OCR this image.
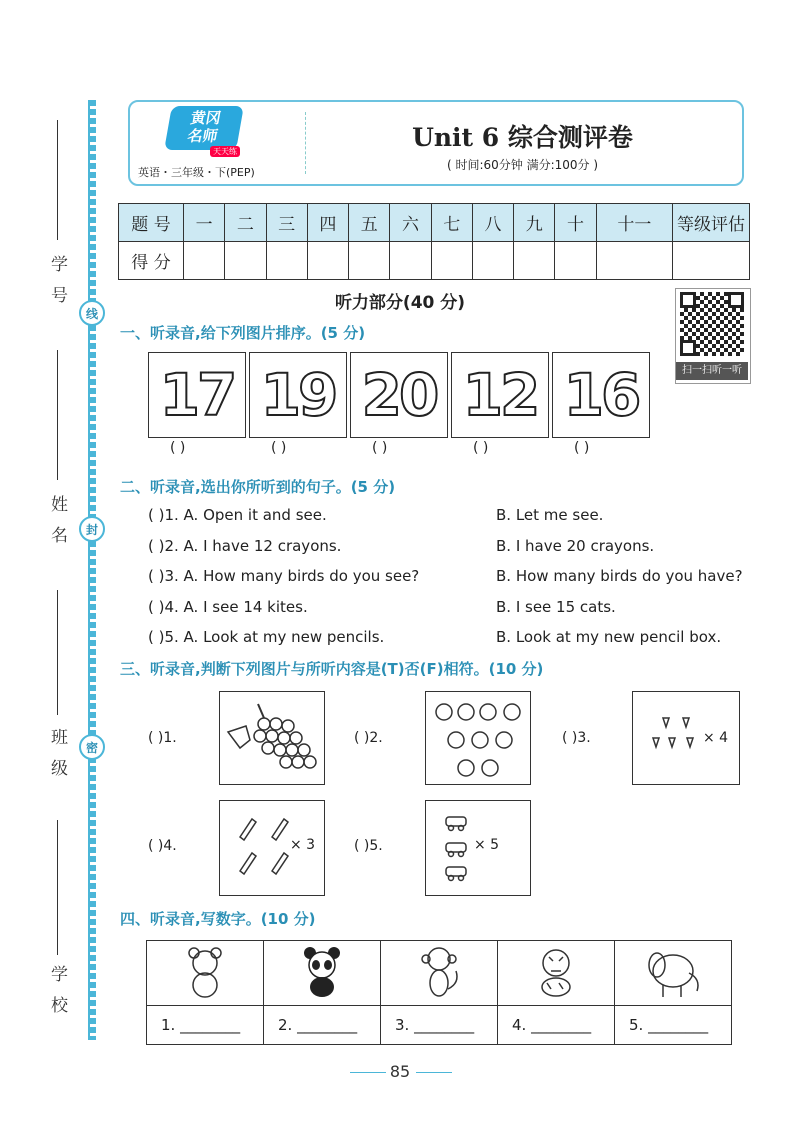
线
封
密
学号
姓名
班级
学校
黄冈
名师
天天练
英语・三年级・下(PEP)
Unit 6 综合测评卷
( 时间:60分钟 满分:100分 )
题 号	一	二	三	四	五	六	七	八	九	十	十一	等级评估
得 分												
听力部分(40 分)
扫一扫听一听
一、听录音,给下列图片排序。(5 分)
17 19 20 12 16
( )	( )	( )	( )	( )
二、听录音,选出你所听到的句子。(5 分)
( )1. A. Open it and see.	B. Let me see.
( )2. A. I have 12 crayons.	B. I have 20 crayons.
( )3. A. How many birds do you see?	B. How many birds do you have?
( )4. A. I see 14 kites.	B. I see 15 cats.
( )5. A. Look at my new pencils.	B. Look at my new pencil box.
三、听录音,判断下列图片与所听内容是(T)否(F)相符。(10 分)
( )1.	( )2.	( )3.	× 4
( )4.	× 3	( )5.	× 5
四、听录音,写数字。(10 分)

1. ________	2. ________	3. ________	4. ________	5. ________
85
